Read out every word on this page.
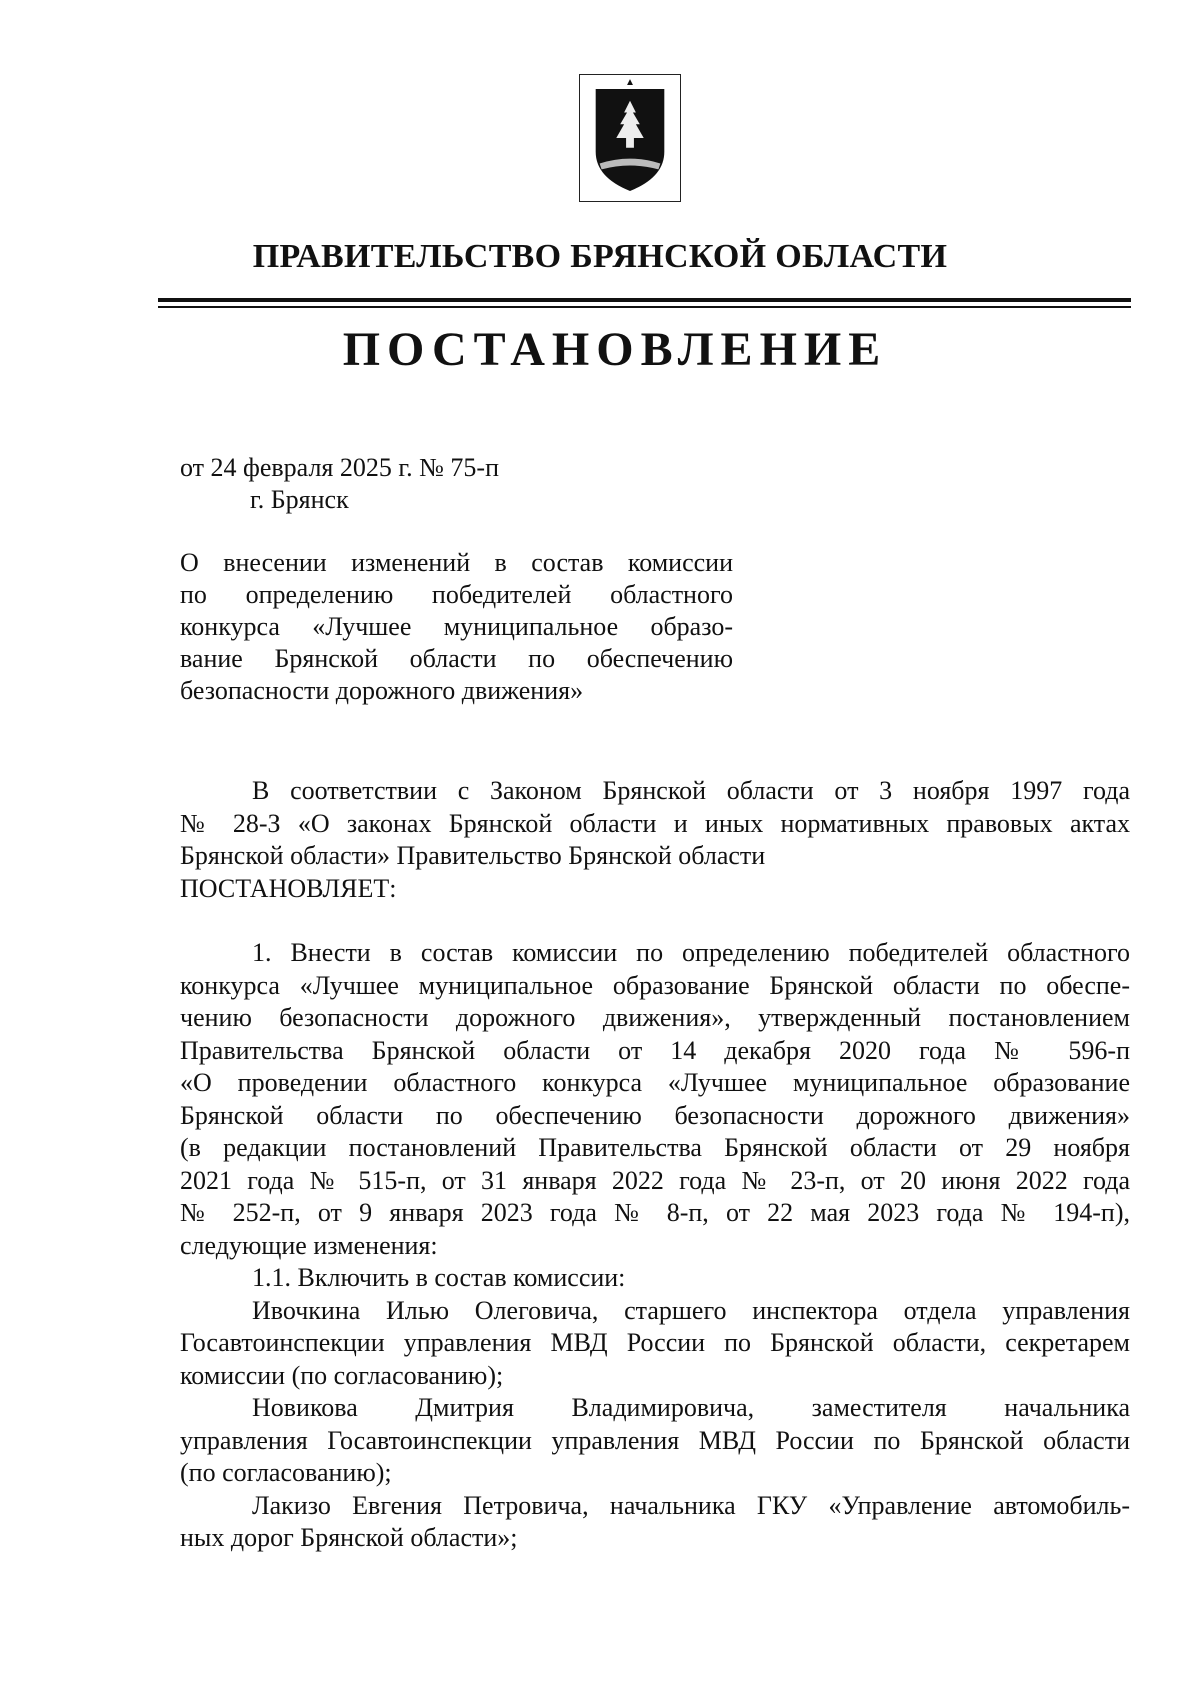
ПРАВИТЕЛЬСТВО БРЯНСКОЙ ОБЛАСТИ
ПОСТАНОВЛЕНИЕ
от 24 февраля 2025 г. № 75-п
г. Брянск
О внесении изменений в состав комиссии
по определению победителей областного
конкурса «Лучшее муниципальное образо-
вание Брянской области по обеспечению
безопасности дорожного движения»
В соответствии с Законом Брянской области от 3 ноября 1997 года
№ 28-З «О законах Брянской области и иных нормативных правовых актах
Брянской области» Правительство Брянской области
ПОСТАНОВЛЯЕТ:
1. Внести в состав комиссии по определению победителей областного
конкурса «Лучшее муниципальное образование Брянской области по обеспе-
чению безопасности дорожного движения», утвержденный постановлением
Правительства Брянской области от 14 декабря 2020 года № 596-п
«О проведении областного конкурса «Лучшее муниципальное образование
Брянской области по обеспечению безопасности дорожного движения»
(в редакции постановлений Правительства Брянской области от 29 ноября
2021 года № 515-п, от 31 января 2022 года № 23-п, от 20 июня 2022 года
№ 252-п, от 9 января 2023 года № 8-п, от 22 мая 2023 года № 194-п),
следующие изменения:
1.1. Включить в состав комиссии:
Ивочкина Илью Олеговича, старшего инспектора отдела управления
Госавтоинспекции управления МВД России по Брянской области, секретарем
комиссии (по согласованию);
Новикова Дмитрия Владимировича, заместителя начальника
управления Госавтоинспекции управления МВД России по Брянской области
(по согласованию);
Лакизо Евгения Петровича, начальника ГКУ «Управление автомобиль-
ных дорог Брянской области»;
